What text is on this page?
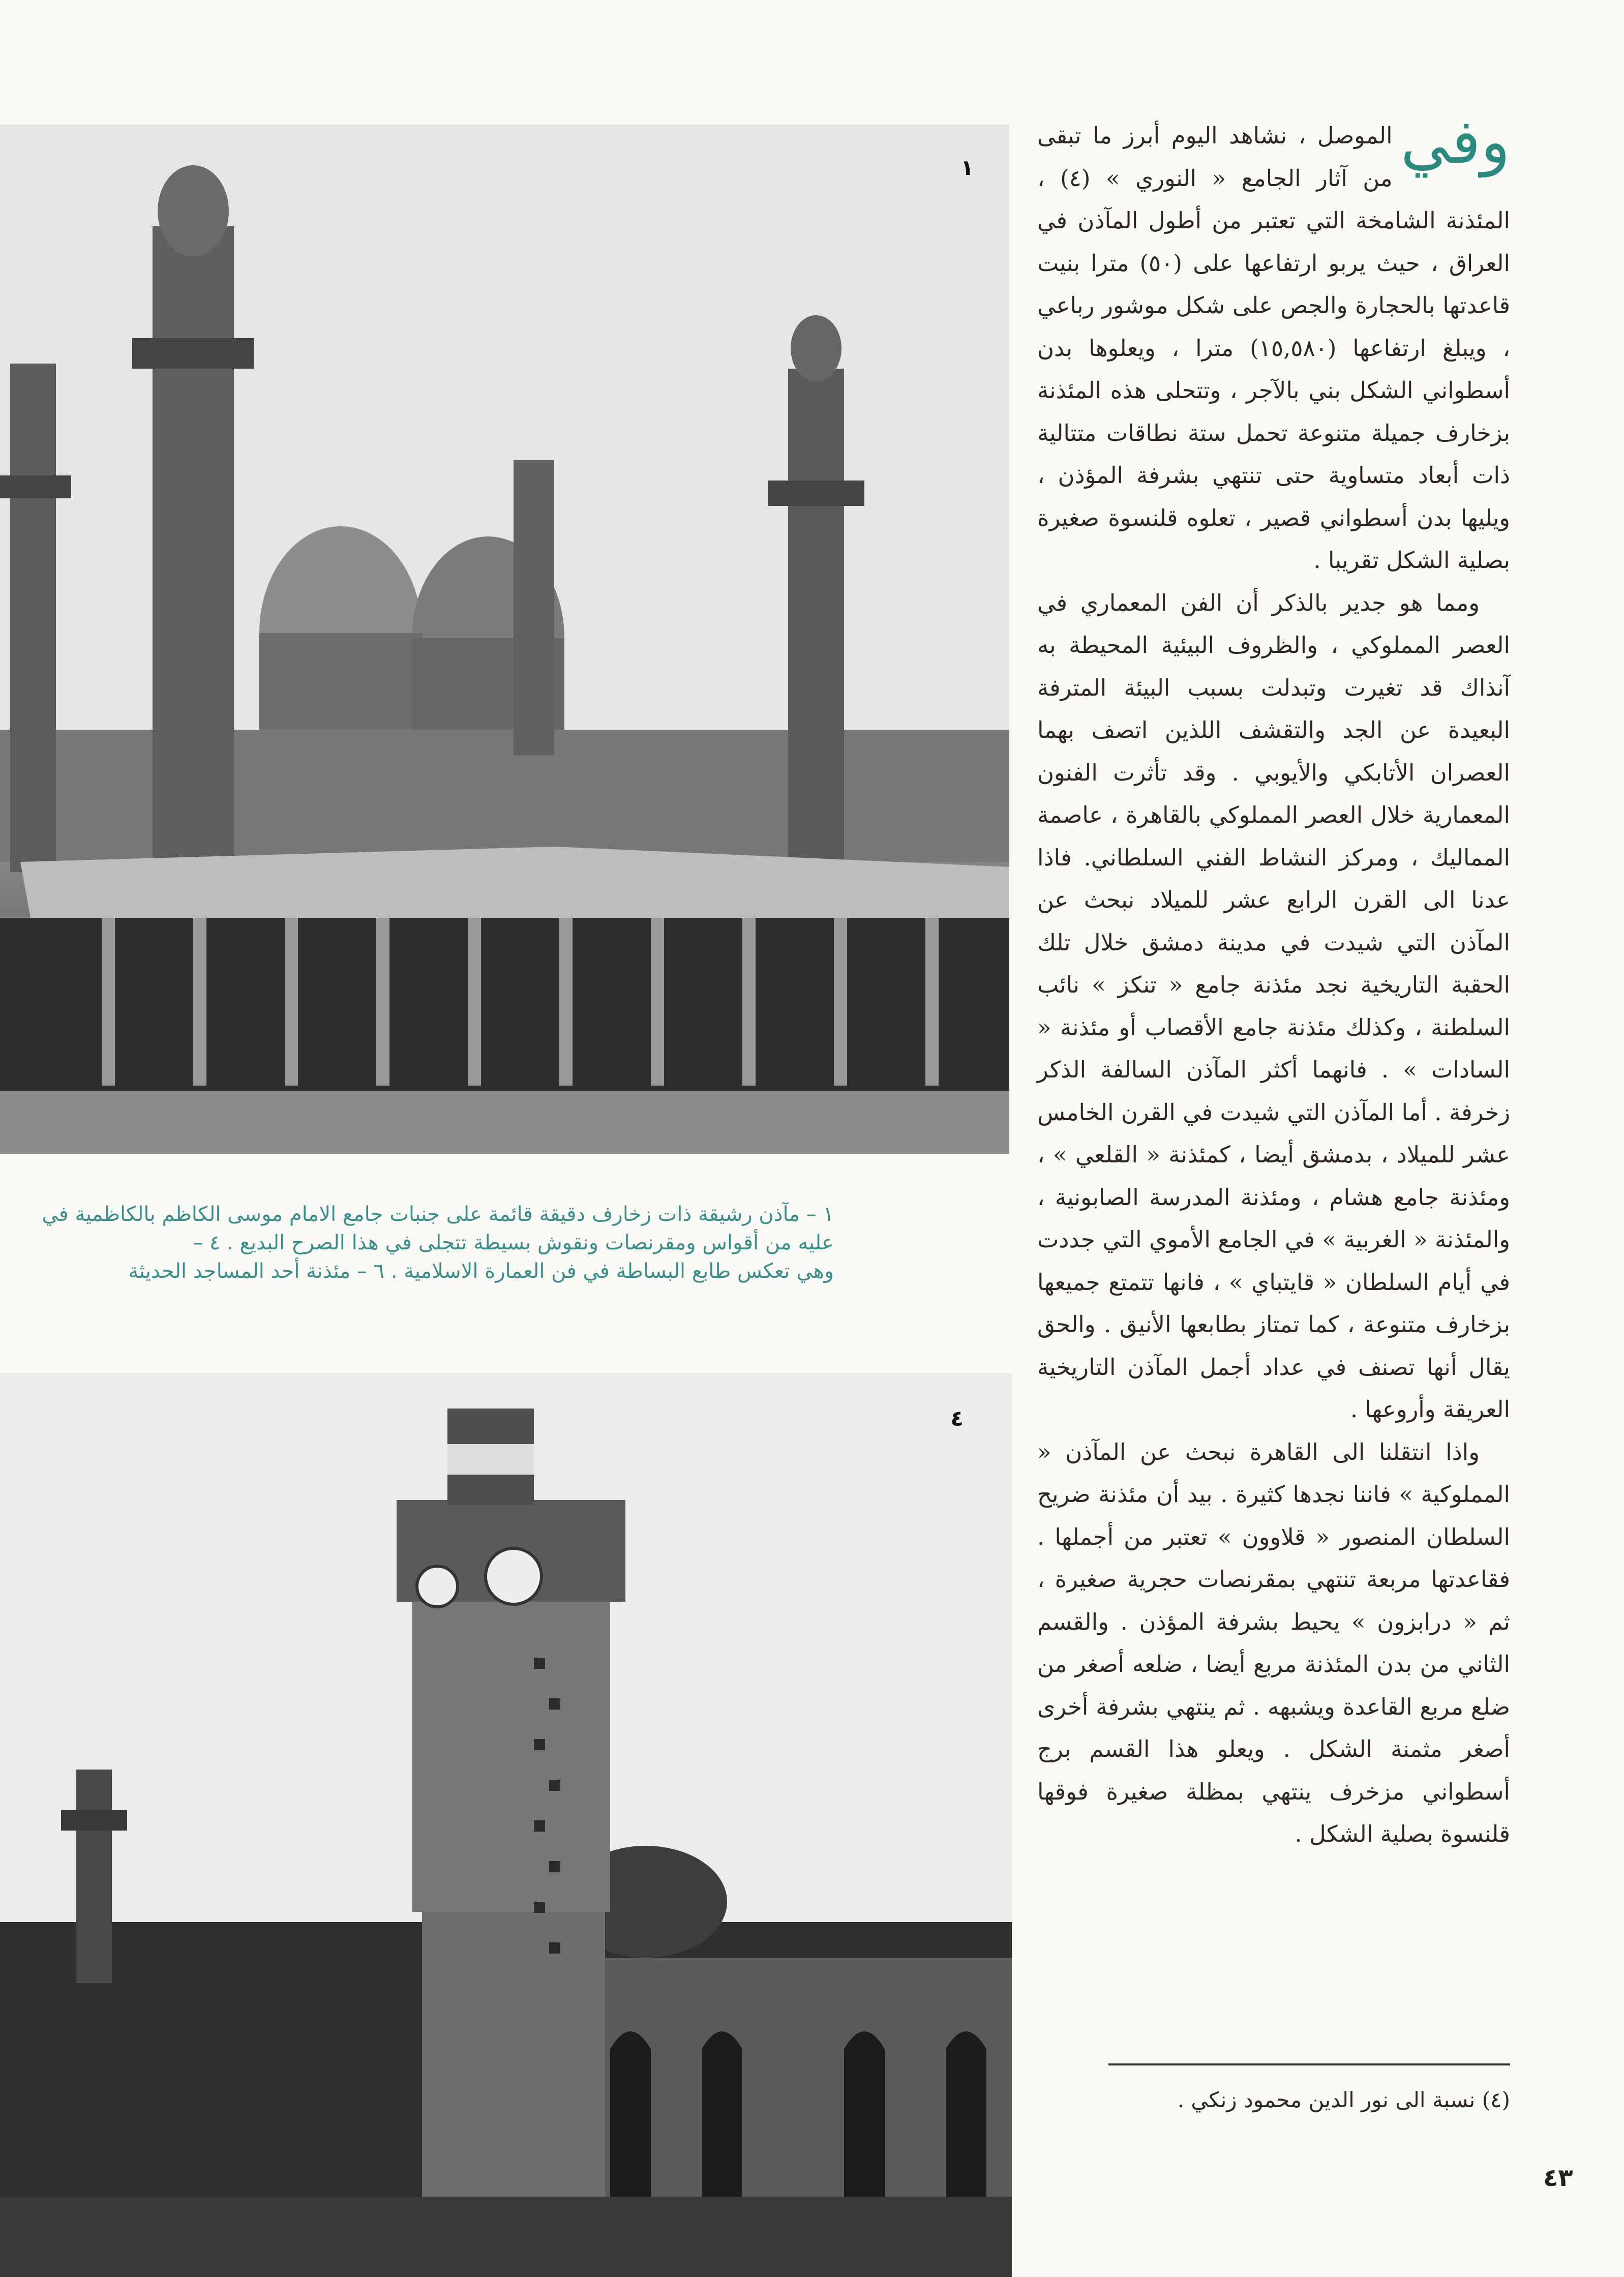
١
١ – مآذن رشيقة ذات زخارف دقيقة قائمة على جنبات جامع الامام موسى الكاظم بالكاظمية في
عليه من أقواس ومقرنصات ونقوش بسيطة تتجلى في هذا الصرح البديع . ٤ –
وهي تعكس طابع البساطة في فن العمارة الاسلامية . ٦ – مئذنة أحد المساجد الحديثة
٤

وفي
الموصل ، نشاهد اليوم أبرز ما تبقى من آثار الجامع « النوري » (٤) ، المئذنة الشامخة التي تعتبر من أطول المآذن في العراق ، حيث يربو ارتفاعها على (٥٠) مترا بنيت قاعدتها بالحجارة والجص على شكل موشور رباعي ، ويبلغ ارتفاعها (١٥,٥٨٠) مترا ، ويعلوها بدن أسطواني الشكل بني بالآجر ، وتتحلى هذه المئذنة بزخارف جميلة متنوعة تحمل ستة نطاقات متتالية ذات أبعاد متساوية حتى تنتهي بشرفة المؤذن ، ويليها بدن أسطواني قصير ، تعلوه قلنسوة صغيرة بصلية الشكل تقريبا .

ومما هو جدير بالذكر أن الفن المعماري في العصر المملوكي ، والظروف البيئية المحيطة به آنذاك قد تغيرت وتبدلت بسبب البيئة المترفة البعيدة عن الجد والتقشف اللذين اتصف بهما العصران الأتابكي والأيوبي . وقد تأثرت الفنون المعمارية خلال العصر المملوكي بالقاهرة ، عاصمة المماليك ، ومركز النشاط الفني السلطاني. فاذا عدنا الى القرن الرابع عشر للميلاد نبحث عن المآذن التي شيدت في مدينة دمشق خلال تلك الحقبة التاريخية نجد مئذنة جامع « تنكز » نائب السلطنة ، وكذلك مئذنة جامع الأقصاب أو مئذنة « السادات » . فانهما أكثر المآذن السالفة الذكر زخرفة . أما المآذن التي شيدت في القرن الخامس عشر للميلاد ، بدمشق أيضا ، كمئذنة « القلعي » ، ومئذنة جامع هشام ، ومئذنة المدرسة الصابونية ، والمئذنة « الغربية » في الجامع الأموي التي جددت في أيام السلطان « قايتباي » ، فانها تتمتع جميعها بزخارف متنوعة ، كما تمتاز بطابعها الأنيق . والحق يقال أنها تصنف في عداد أجمل المآذن التاريخية العريقة وأروعها .

واذا انتقلنا الى القاهرة نبحث عن المآذن « المملوكية » فاننا نجدها كثيرة . بيد أن مئذنة ضريح السلطان المنصور « قلاوون » تعتبر من أجملها . فقاعدتها مربعة تنتهي بمقرنصات حجرية صغيرة ، ثم « درابزون » يحيط بشرفة المؤذن . والقسم الثاني من بدن المئذنة مربع أيضا ، ضلعه أصغر من ضلع مربع القاعدة ويشبهه . ثم ينتهي بشرفة أخرى أصغر مثمنة الشكل . ويعلو هذا القسم برج أسطواني مزخرف ينتهي بمظلة صغيرة فوقها قلنسوة بصلية الشكل .

(٤) نسبة الى نور الدين محمود زنكي .
٤٣
